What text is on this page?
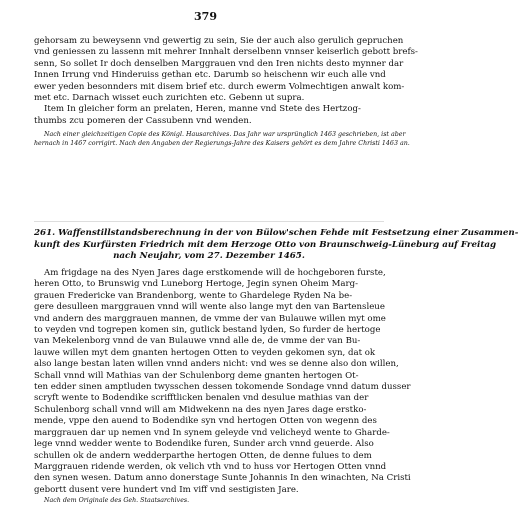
379
gehorsam zu beweysenn vnd gewertig zu sein, Sie der auch also gerulich gepruchen
vnd geniessen zu lassenn mit mehrer Innhalt derselbenn vnnser keiserlich gebott brefs-
senn, So sollet Ir doch denselben Marggrauen vnd den Iren nichts desto mynner dar
Innen Irrung vnd Hinderuiss gethan etc. Darumb so heischenn wir euch alle vnd
ewer yeden besonnders mit disem brief etc. durch ewerm Volmechtigen anwalt kom-
met etc. Darnach wisset euch zurichten etc. Gebenn ut supra.
Item In gleicher form an prelaten, Heren, manne vnd Stete des Hertzog-
thumbs zcu pomeren der Cassubenn vnd wenden.
Nach einer gleichzeitigen Copie des Königl. Hausarchives. Das Jahr war ursprünglich 1463 geschrieben, ist aber
hernach in 1467 corrigirt. Nach den Angaben der Regierungs-Jahre des Kaisers gehört es dem Jahre Christi 1463 an.
261. Waffenstillstandsberechnung in der von Bülow'schen Fehde mit Festsetzung einer Zusammen-
kunft des Kurfürsten Friedrich mit dem Herzoge Otto von Braunschweig-Lüneburg auf Freitag
nach Neujahr, vom 27. Dezember 1465.
Am frigdage na des Nyen Jares dage erstkomende will de hochgeboren furste,
heren Otto, to Brunswig vnd Luneborg Hertoge, Jegin synen Oheim Marg-
grauen Fredericke van Brandenborg, wente to Ghardelege Ryden Na be-
gere desulleen marggrauen vnnd will wente also lange myt den van Bartensleue
vnd andern des marggrauen mannen, de vmme der van Bulauwe willen myt ome
to veyden vnd togrepen komen sin, gutlick bestand lyden, So furder de hertoge
van Mekelenborg vnnd de van Bulauwe vnnd alle de, de vmme der van Bu-
lauwe willen myt dem gnanten hertogen Otten to veyden gekomen syn, dat ok
also lange bestan laten willen vnnd anders nicht: vnd wes se denne also don willen,
Schall vnnd will Mathias van der Schulenborg deme gnanten hertogen Ot-
ten edder sinen amptluden twysschen dessen tokomende Sondage vnnd datum dusser
scryft wente to Bodendike scrifftlicken benalen vnd desulue mathias van der
Schulenborg schall vnnd will am Midwekenn na des nyen Jares dage erstko-
mende, vppe den auend to Bodendike syn vnd hertogen Otten von wegenn des
marggrauen dar up nemen vnd In synem geleyde vnd velicheyd wente to Gharde-
lege vnnd wedder wente to Bodendike furen, Sunder arch vnnd geuerde. Also
schullen ok de andern wedderparthe hertogen Otten, de denne fulues to dem
Marggrauen ridende werden, ok velich vth vnd to huss vor Hertogen Otten vnnd
den synen wesen. Datum anno donerstage Sunte Johannis In den winachten, Na Cristi
gebortt dusent vere hundert vnd Im viff vnd sestigisten Jare.
Nach dem Originale des Geh. Staatsarchives.
